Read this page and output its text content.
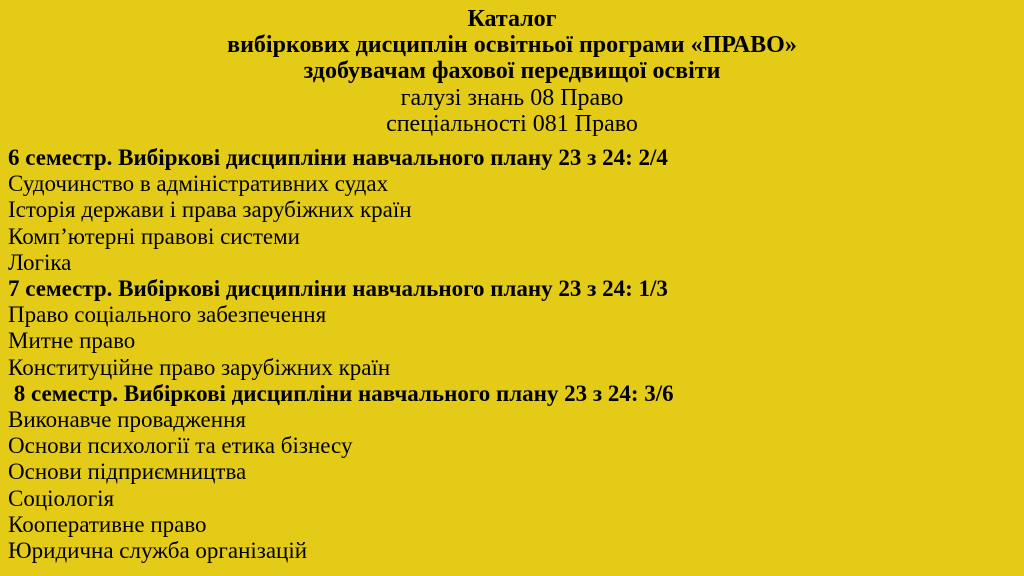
Каталог
вибіркових дисциплін освітньої програми «ПРАВО»
здобувачам фахової передвищої освіти
галузі знань 08 Право
спеціальності 081 Право
6 семестр. Вибіркові дисципліни навчального плану 23 з 24: 2/4
Судочинство в адміністративних судах
Історія держави і права зарубіжних країн
Комп’ютерні правові системи
Логіка
7 семестр. Вибіркові дисципліни навчального плану 23 з 24: 1/3
Право соціального забезпечення
Митне право
Конституційне право зарубіжних країн
8 семестр. Вибіркові дисципліни навчального плану 23 з 24: 3/6
Виконавче провадження
Основи психології та етика бізнесу
Основи підприємництва
Соціологія
Кооперативне право
Юридична служба організацій
